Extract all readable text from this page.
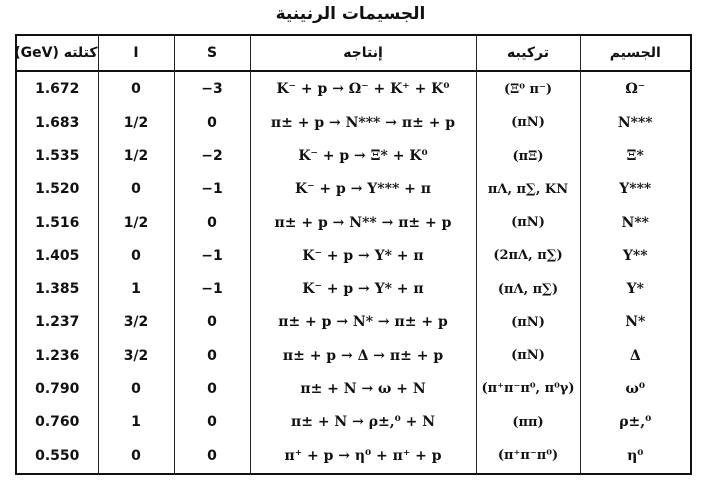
الجسيمات الرنينية
كتلته (GeV)	I	S	إنتاجه	تركيبه	الجسيم
1.672	0	−3	K⁻ + p → Ω⁻ + K⁺ + K⁰	(Ξ⁰ π⁻)	Ω⁻
1.683	1/2	0	π± + p → N*** → π± + p	(πN)	N***
1.535	1/2	−2	K⁻ + p → Ξ* + K⁰	(πΞ)	Ξ*
1.520	0	−1	K⁻ + p → Y*** + π	πΛ, π∑, KN	Y***
1.516	1/2	0	π± + p → N** → π± + p	(πN)	N**
1.405	0	−1	K⁻ + p → Y* + π	(2πΛ, π∑)	Y**
1.385	1	−1	K⁻ + p → Y* + π	(πΛ, π∑)	Y*
1.237	3/2	0	π± + p → N* → π± + p	(πN)	N*
1.236	3/2	0	π± + p → Δ → π± + p	(πN)	Δ
0.790	0	0	π± + N → ω + N	(π⁺π⁻π⁰, π⁰γ)	ω⁰
0.760	1	0	π± + N → ρ±,⁰ + N	(ππ)	ρ±,⁰
0.550	0	0	π⁺ + p → η⁰ + π⁺ + p	(π⁺π⁻π⁰)	η⁰
